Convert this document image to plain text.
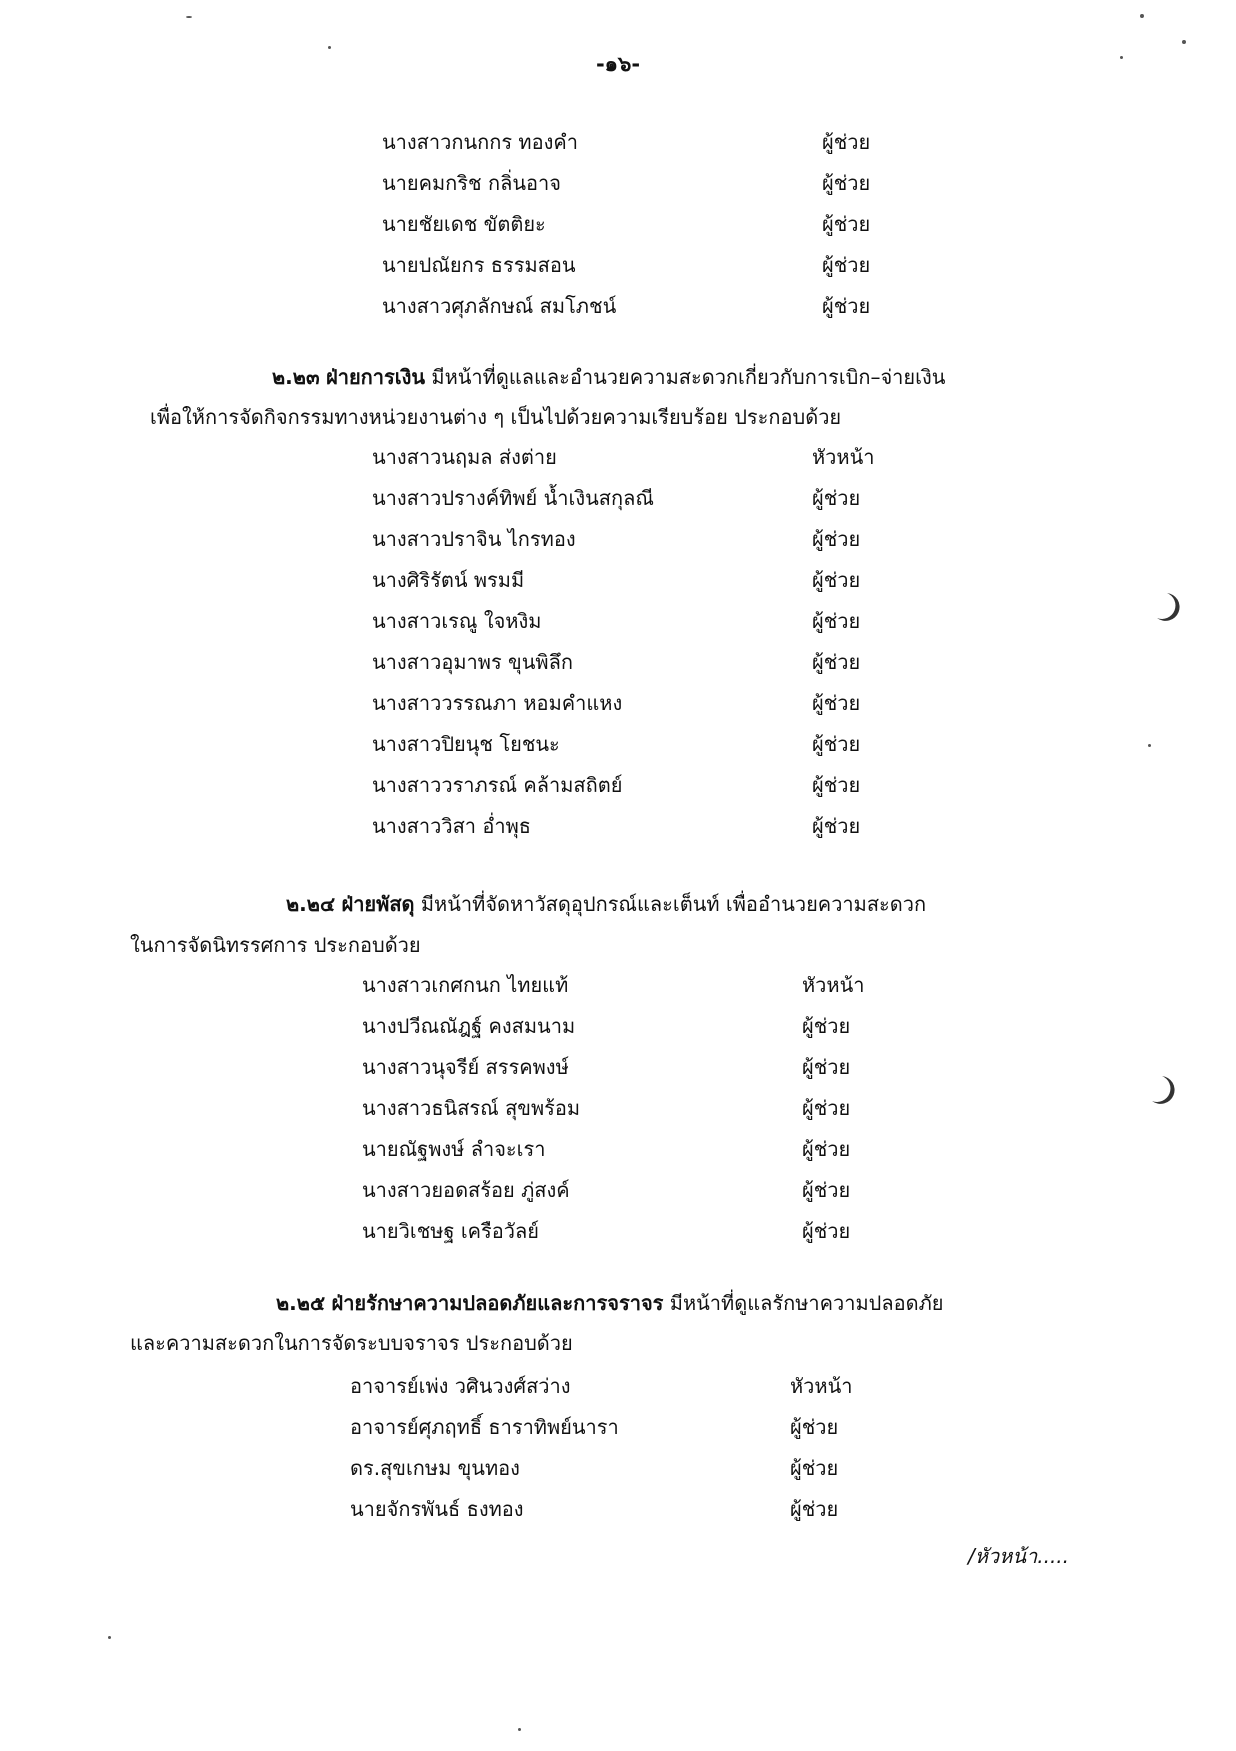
-๑๖-
นางสาวกนกกร ทองคำ	ผู้ช่วย
นายคมกริช กลิ่นอาจ	ผู้ช่วย
นายชัยเดช ขัตติยะ	ผู้ช่วย
นายปณัยกร ธรรมสอน	ผู้ช่วย
นางสาวศุภลักษณ์ สมโภชน์	ผู้ช่วย
๒.๒๓ ฝ่ายการเงิน มีหน้าที่ดูแลและอำนวยความสะดวกเกี่ยวกับการเบิก–จ่ายเงิน
เพื่อให้การจัดกิจกรรมทางหน่วยงานต่าง ๆ เป็นไปด้วยความเรียบร้อย ประกอบด้วย
นางสาวนฤมล ส่งต่าย	หัวหน้า
นางสาวปรางค์ทิพย์ น้ำเงินสกุลณี	ผู้ช่วย
นางสาวปราจิน ไกรทอง	ผู้ช่วย
นางศิริรัตน์ พรมมี	ผู้ช่วย
นางสาวเรณู ใจหงิม	ผู้ช่วย
นางสาวอุมาพร ขุนพิลึก	ผู้ช่วย
นางสาววรรณภา หอมคำแหง	ผู้ช่วย
นางสาวปิยนุช โยชนะ	ผู้ช่วย
นางสาววราภรณ์ คล้ามสถิตย์	ผู้ช่วย
นางสาววิสา อ่ำพุธ	ผู้ช่วย
๒.๒๔ ฝ่ายพัสดุ มีหน้าที่จัดหาวัสดุอุปกรณ์และเต็นท์ เพื่ออำนวยความสะดวก
ในการจัดนิทรรศการ ประกอบด้วย
นางสาวเกศกนก ไทยแท้	หัวหน้า
นางปวีณณัฎฐ์ คงสมนาม	ผู้ช่วย
นางสาวนุจรีย์ สรรคพงษ์	ผู้ช่วย
นางสาวธนิสรณ์ สุขพร้อม	ผู้ช่วย
นายณัฐพงษ์ ลำจะเรา	ผู้ช่วย
นางสาวยอดสร้อย ภู่สงค์	ผู้ช่วย
นายวิเชษฐ เครือวัลย์	ผู้ช่วย
๒.๒๕ ฝ่ายรักษาความปลอดภัยและการจราจร มีหน้าที่ดูแลรักษาความปลอดภัย
และความสะดวกในการจัดระบบจราจร ประกอบด้วย
อาจารย์เพ่ง วศินวงศ์สว่าง	หัวหน้า
อาจารย์ศุภฤทธิ์ ธาราทิพย์นารา	ผู้ช่วย
ดร.สุขเกษม ขุนทอง	ผู้ช่วย
นายจักรพันธ์ ธงทอง	ผู้ช่วย
/หัวหน้า.....
